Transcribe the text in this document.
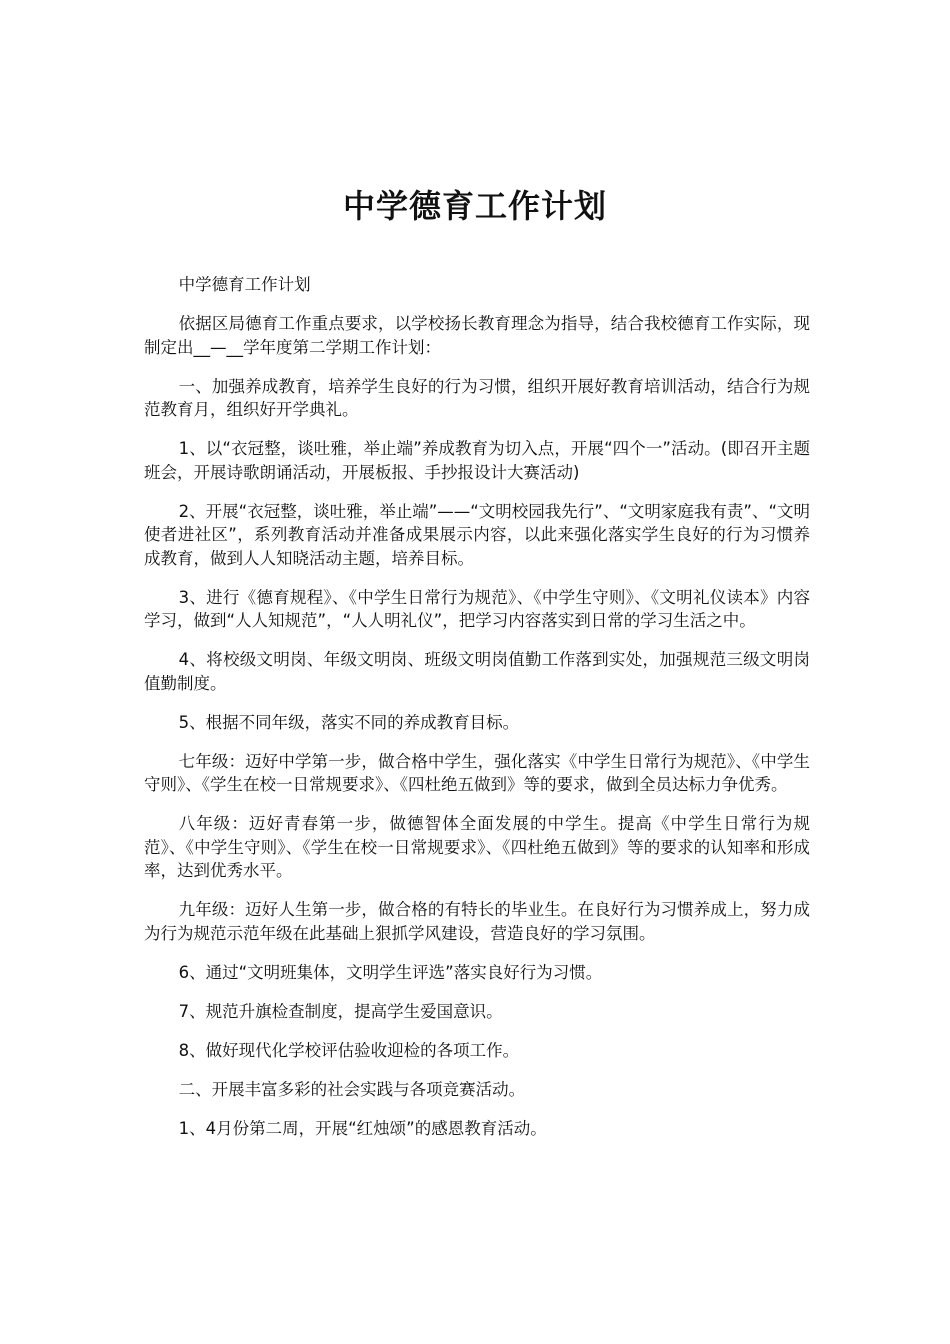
中学德育工作计划

中学德育工作计划

依据区局德育工作重点要求，以学校扬长教育理念为指导，结合我校德育工作实际，现制定出__—__学年度第二学期工作计划：

一、加强养成教育，培养学生良好的行为习惯，组织开展好教育培训活动，结合行为规范教育月，组织好开学典礼。

1、以“衣冠整，谈吐雅，举止端”养成教育为切入点，开展“四个一”活动。(即召开主题班会，开展诗歌朗诵活动，开展板报、手抄报设计大赛活动)

2、开展“衣冠整，谈吐雅，举止端”——“文明校园我先行”、“文明家庭我有责”、“文明使者进社区”，系列教育活动并准备成果展示内容，以此来强化落实学生良好的行为习惯养成教育，做到人人知晓活动主题，培养目标。

3、进行《德育规程》、《中学生日常行为规范》、《中学生守则》、《文明礼仪读本》内容学习，做到“人人知规范”，“人人明礼仪”，把学习内容落实到日常的学习生活之中。

4、将校级文明岗、年级文明岗、班级文明岗值勤工作落到实处，加强规范三级文明岗值勤制度。

5、根据不同年级，落实不同的养成教育目标。

七年级：迈好中学第一步，做合格中学生，强化落实《中学生日常行为规范》、《中学生守则》、《学生在校一日常规要求》、《四杜绝五做到》等的要求，做到全员达标力争优秀。

八年级：迈好青春第一步，做德智体全面发展的中学生。提高《中学生日常行为规范》、《中学生守则》、《学生在校一日常规要求》、《四杜绝五做到》等的要求的认知率和形成率，达到优秀水平。

九年级：迈好人生第一步，做合格的有特长的毕业生。在良好行为习惯养成上，努力成为行为规范示范年级在此基础上狠抓学风建设，营造良好的学习氛围。

6、通过“文明班集体，文明学生评选”落实良好行为习惯。

7、规范升旗检查制度，提高学生爱国意识。

8、做好现代化学校评估验收迎检的各项工作。

二、开展丰富多彩的社会实践与各项竞赛活动。

1、4月份第二周，开展“红烛颂”的感恩教育活动。
